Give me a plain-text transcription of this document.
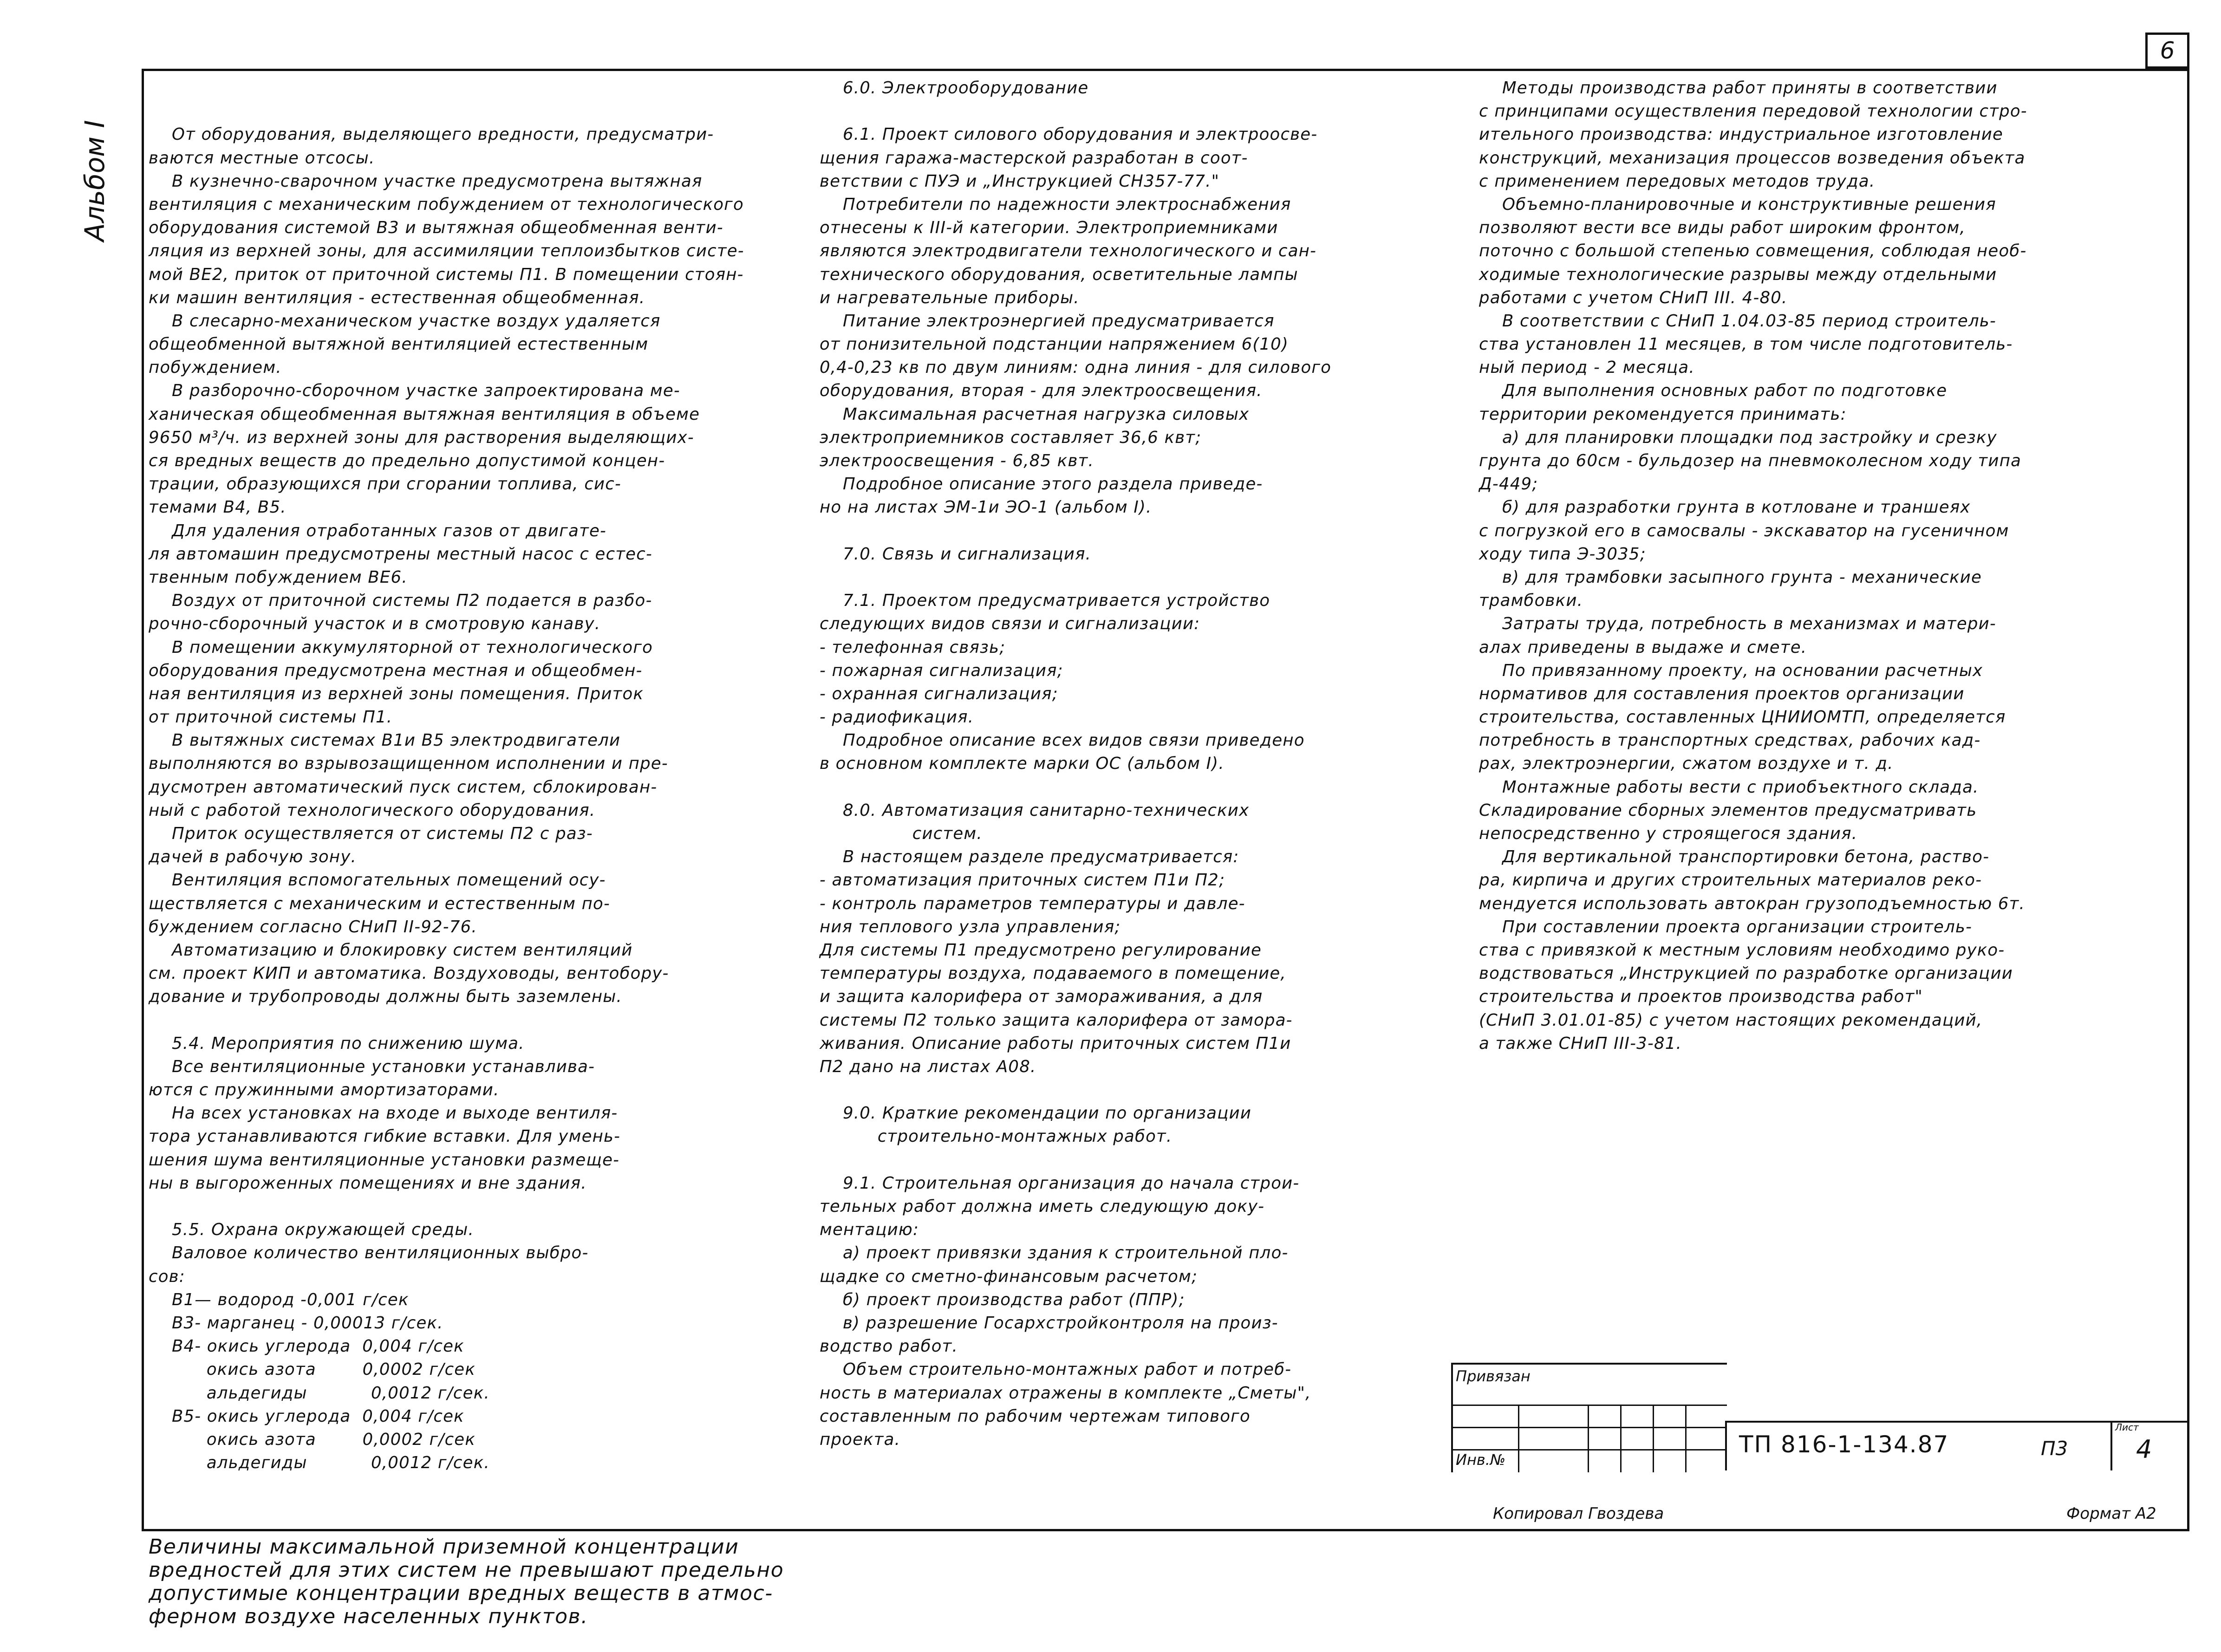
6
Альбом I

От оборудования, выделяющего вредности, предусматри-

ваются местные отсосы.

В кузнечно-сварочном участке предусмотрена вытяжная

вентиляция с механическим побуждением от технологического

оборудования системой В3 и вытяжная общеобменная венти-

ляция из верхней зоны, для ассимиляции теплоизбытков систе-

мой ВЕ2, приток от приточной системы П1. В помещении стоян-

ки машин вентиляция - естественная общеобменная.

В слесарно-механическом участке воздух удаляется

общеобменной вытяжной вентиляцией естественным

побуждением.

В разборочно-сборочном участке запроектирована ме-

ханическая общеобменная вытяжная вентиляция в объеме

9650 м³/ч. из верхней зоны для растворения выделяющих-

ся вредных веществ до предельно допустимой концен-

трации, образующихся при сгорании топлива, сис-

темами В4, В5.

Для удаления отработанных газов от двигате-

ля автомашин предусмотрены местный насос с естес-

твенным побуждением ВЕ6.

Воздух от приточной системы П2 подается в разбо-

рочно-сборочный участок и в смотровую канаву.

В помещении аккумуляторной от технологического

оборудования предусмотрена местная и общеобмен-

ная вентиляция из верхней зоны помещения. Приток

от приточной системы П1.

В вытяжных системах В1и В5 электродвигатели

выполняются во взрывозащищенном исполнении и пре-

дусмотрен автоматический пуск систем, сблокирован-

ный с работой технологического оборудования.

Приток осуществляется от системы П2 с раз-

дачей в рабочую зону.

Вентиляция вспомогательных помещений осу-

ществляется с механическим и естественным по-

буждением согласно СНиП II-92-76.

Автоматизацию и блокировку систем вентиляций

см. проект КИП и автоматика. Воздуховоды, вентобору-

дование и трубопроводы должны быть заземлены.

5.4. Мероприятия по снижению шума.

Все вентиляционные установки устанавлива-

ются с пружинными амортизаторами.

На всех установках на входе и выходе вентиля-

тора устанавливаются гибкие вставки. Для умень-

шения шума вентиляционные установки размеще-

ны в выгороженных помещениях и вне здания.

5.5. Охрана окружающей среды.

Валовое количество вентиляционных выбро-

сов:

В1— водород -0,001 г/сек

В3- марганец - 0,00013 г/сек.

В4- окись углерода  0,004 г/сек

окись азота        0,0002 г/сек

альдегиды           0,0012 г/сек.

В5- окись углерода  0,004 г/сек

окись азота        0,0002 г/сек

альдегиды           0,0012 г/сек.

Величины максимальной приземной концентрации

вредностей для этих систем не превышают предельно

допустимые концентрации вредных веществ в атмос-

ферном воздухе населенных пунктов.

6.0. Электрооборудование

6.1. Проект силового оборудования и электроосве-

щения гаража-мастерской разработан в соот-

ветствии с ПУЭ и „Инструкцией СН357-77."

Потребители по надежности электроснабжения

отнесены к III-й категории. Электроприемниками

являются электродвигатели технологического и сан-

технического оборудования, осветительные лампы

и нагревательные приборы.

Питание электроэнергией предусматривается

от понизительной подстанции напряжением 6(10)

0,4-0,23 кв по двум линиям: одна линия - для силового

оборудования, вторая - для электроосвещения.

Максимальная расчетная нагрузка силовых

электроприемников составляет 36,6 квт;

электроосвещения - 6,85 квт.

Подробное описание этого раздела приведе-

но на листах ЭМ-1и ЭО-1 (альбом I).

7.0. Связь и сигнализация.

7.1. Проектом предусматривается устройство

следующих видов связи и сигнализации:

- телефонная связь;

- пожарная сигнализация;

- охранная сигнализация;

- радиофикация.

Подробное описание всех видов связи приведено

в основном комплекте марки ОС (альбом I).

8.0. Автоматизация санитарно-технических

систем.

В настоящем разделе предусматривается:

- автоматизация приточных систем П1и П2;

- контроль параметров температуры и давле-

ния теплового узла управления;

Для системы П1 предусмотрено регулирование

температуры воздуха, подаваемого в помещение,

и защита калорифера от замораживания, а для

системы П2 только защита калорифера от замора-

живания. Описание работы приточных систем П1и

П2 дано на листах А08.

9.0. Краткие рекомендации по организации

строительно-монтажных работ.

9.1. Строительная организация до начала строи-

тельных работ должна иметь следующую доку-

ментацию:

а) проект привязки здания к строительной пло-

щадке со сметно-финансовым расчетом;

б) проект производства работ (ППР);

в) разрешение Госархстройконтроля на произ-

водство работ.

Объем строительно-монтажных работ и потреб-

ность в материалах отражены в комплекте „Сметы",

составленным по рабочим чертежам типового

проекта.

Методы производства работ приняты в соответствии

с принципами осуществления передовой технологии стро-

ительного производства: индустриальное изготовление

конструкций, механизация процессов возведения объекта

с применением передовых методов труда.

Объемно-планировочные и конструктивные решения

позволяют вести все виды работ широким фронтом,

поточно с большой степенью совмещения, соблюдая необ-

ходимые технологические разрывы между отдельными

работами с учетом СНиП III. 4-80.

В соответствии с СНиП 1.04.03-85 период строитель-

ства установлен 11 месяцев, в том числе подготовитель-

ный период - 2 месяца.

Для выполнения основных работ по подготовке

территории рекомендуется принимать:

а) для планировки площадки под застройку и срезку

грунта до 60см - бульдозер на пневмоколесном ходу типа

Д-449;

б) для разработки грунта в котловане и траншеях

с погрузкой его в самосвалы - экскаватор на гусеничном

ходу типа Э-3035;

в) для трамбовки засыпного грунта - механические

трамбовки.

Затраты труда, потребность в механизмах и матери-

алах приведены в выдаже и смете.

По привязанному проекту, на основании расчетных

нормативов для составления проектов организации

строительства, составленных ЦНИИОМТП, определяется

потребность в транспортных средствах, рабочих кад-

рах, электроэнергии, сжатом воздухе и т. д.

Монтажные работы вести с приобъектного склада.

Складирование сборных элементов предусматривать

непосредственно у строящегося здания.

Для вертикальной транспортировки бетона, раство-

ра, кирпича и других строительных материалов реко-

мендуется использовать автокран грузоподъемностью 6т.

При составлении проекта организации строитель-

ства с привязкой к местным условиям необходимо руко-

водствоваться „Инструкцией по разработке организации

строительства и проектов производства работ"

(СНиП 3.01.01-85) с учетом настоящих рекомендаций,

а также СНиП III-3-81.

Привязан
Инв.№
ТП 816-1-134.87	П3
Лист
4
Копировал Гвоздева	Формат А2
